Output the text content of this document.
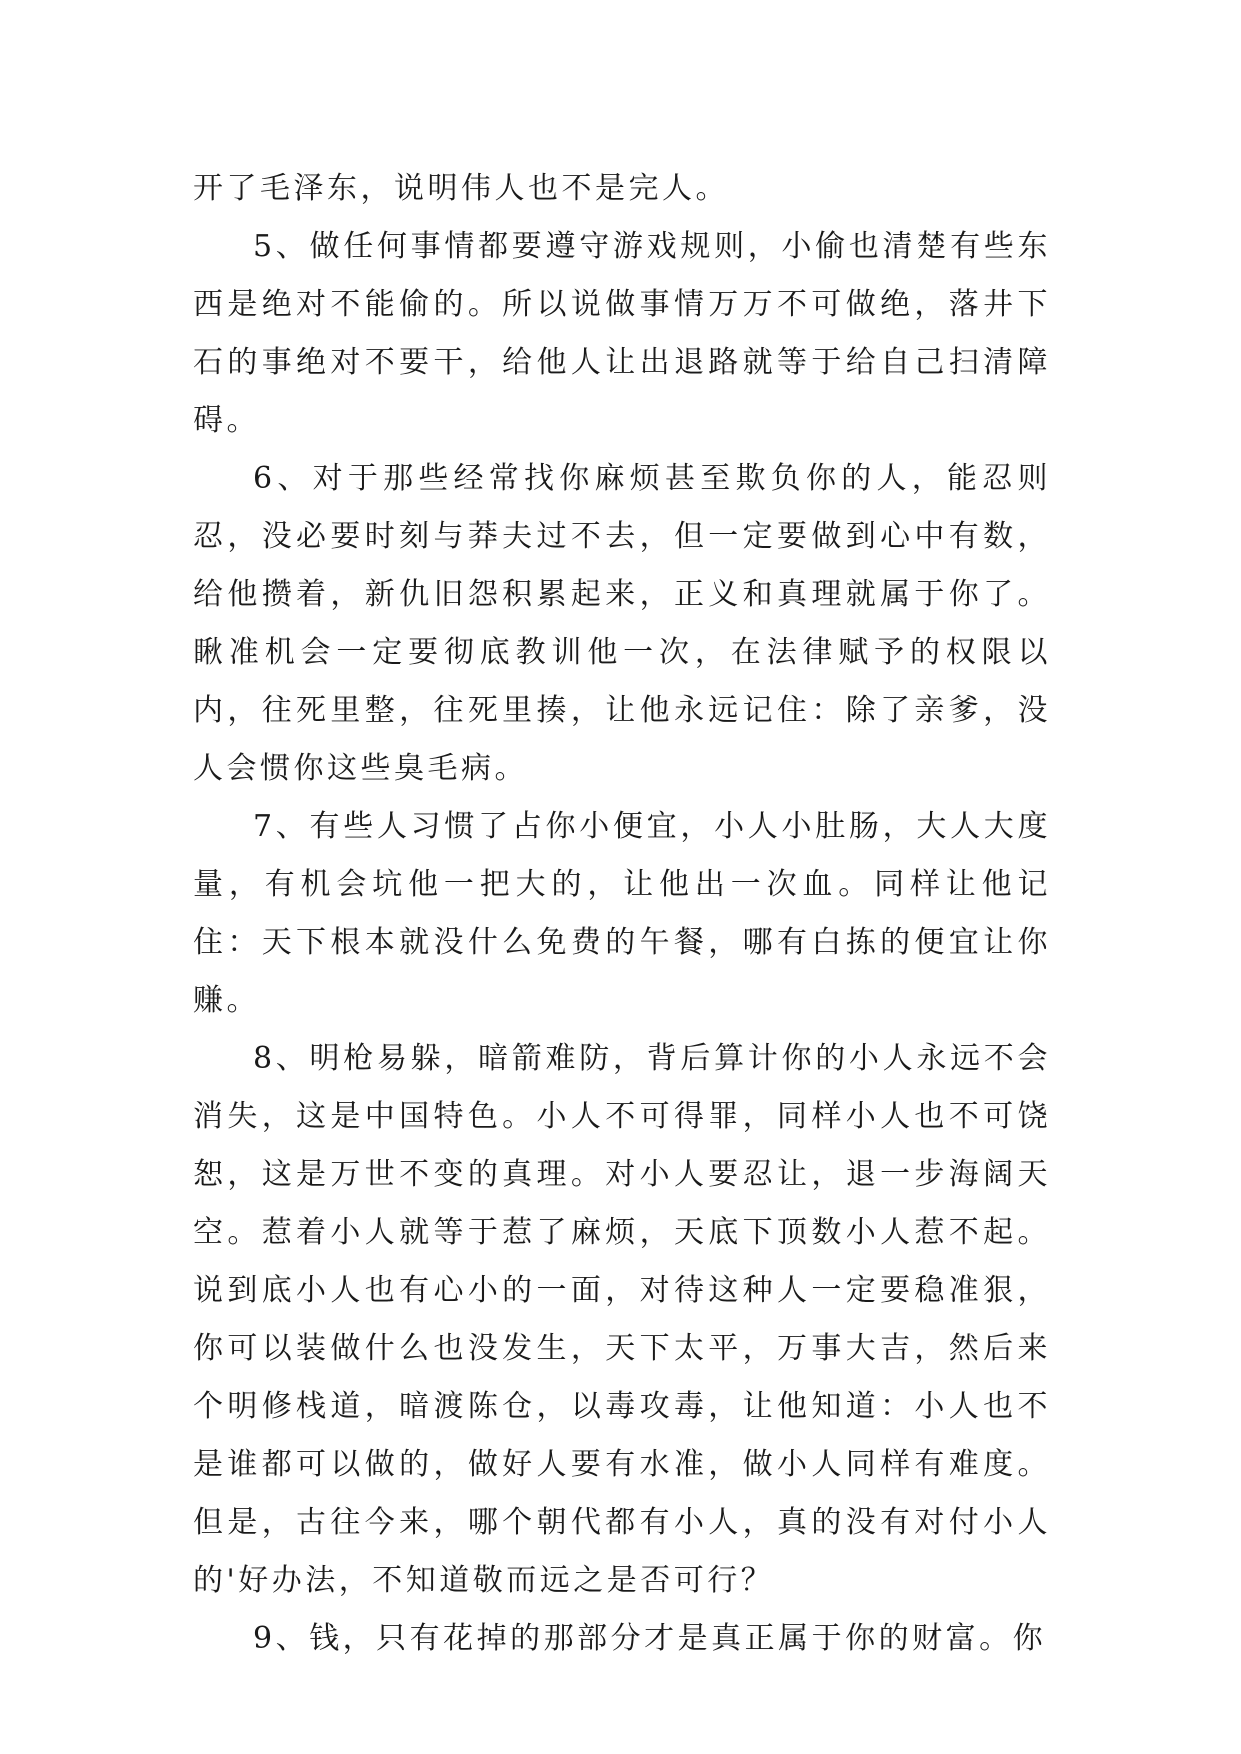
开了毛泽东，说明伟人也不是完人。

5、做任何事情都要遵守游戏规则，小偷也清楚有些东西是绝对不能偷的。所以说做事情万万不可做绝，落井下石的事绝对不要干，给他人让出退路就等于给自己扫清障碍。

6、对于那些经常找你麻烦甚至欺负你的人，能忍则忍，没必要时刻与莽夫过不去，但一定要做到心中有数，给他攒着，新仇旧怨积累起来，正义和真理就属于你了。瞅准机会一定要彻底教训他一次，在法律赋予的权限以内，往死里整，往死里揍，让他永远记住：除了亲爹，没人会惯你这些臭毛病。

7、有些人习惯了占你小便宜，小人小肚肠，大人大度量，有机会坑他一把大的，让他出一次血。同样让他记住：天下根本就没什么免费的午餐，哪有白拣的便宜让你赚。

8、明枪易躲，暗箭难防，背后算计你的小人永远不会消失，这是中国特色。小人不可得罪，同样小人也不可饶恕，这是万世不变的真理。对小人要忍让，退一步海阔天空。惹着小人就等于惹了麻烦，天底下顶数小人惹不起。说到底小人也有心小的一面，对待这种人一定要稳准狠，你可以装做什么也没发生，天下太平，万事大吉，然后来个明修栈道，暗渡陈仓，以毒攻毒，让他知道：小人也不是谁都可以做的，做好人要有水准，做小人同样有难度。但是，古往今来，哪个朝代都有小人，真的没有对付小人的'好办法，不知道敬而远之是否可行？

9、钱，只有花掉的那部分才是真正属于你的财富。你
